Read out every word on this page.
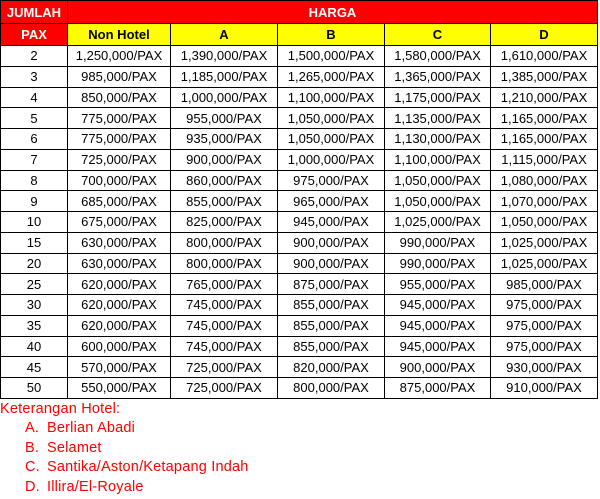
JUMLAH	HARGA				
PAX	Non Hotel	A	B	C	D
2	1,250,000/PAX	1,390,000/PAX	1,500,000/PAX	1,580,000/PAX	1,610,000/PAX
3	985,000/PAX	1,185,000/PAX	1,265,000/PAX	1,365,000/PAX	1,385,000/PAX
4	850,000/PAX	1,000,000/PAX	1,100,000/PAX	1,175,000/PAX	1,210,000/PAX
5	775,000/PAX	955,000/PAX	1,050,000/PAX	1,135,000/PAX	1,165,000/PAX
6	775,000/PAX	935,000/PAX	1,050,000/PAX	1,130,000/PAX	1,165,000/PAX
7	725,000/PAX	900,000/PAX	1,000,000/PAX	1,100,000/PAX	1,115,000/PAX
8	700,000/PAX	860,000/PAX	975,000/PAX	1,050,000/PAX	1,080,000/PAX
9	685,000/PAX	855,000/PAX	965,000/PAX	1,050,000/PAX	1,070,000/PAX
10	675,000/PAX	825,000/PAX	945,000/PAX	1,025,000/PAX	1,050,000/PAX
15	630,000/PAX	800,000/PAX	900,000/PAX	990,000/PAX	1,025,000/PAX
20	630,000/PAX	800,000/PAX	900,000/PAX	990,000/PAX	1,025,000/PAX
25	620,000/PAX	765,000/PAX	875,000/PAX	955,000/PAX	985,000/PAX
30	620,000/PAX	745,000/PAX	855,000/PAX	945,000/PAX	975,000/PAX
35	620,000/PAX	745,000/PAX	855,000/PAX	945,000/PAX	975,000/PAX
40	600,000/PAX	745,000/PAX	855,000/PAX	945,000/PAX	975,000/PAX
45	570,000/PAX	725,000/PAX	820,000/PAX	900,000/PAX	930,000/PAX
50	550,000/PAX	725,000/PAX	800,000/PAX	875,000/PAX	910,000/PAX
Keterangan Hotel:
A. Berlian Abadi
B. Selamet
C. Santika/Aston/Ketapang Indah
D. Illira/El-Royale
